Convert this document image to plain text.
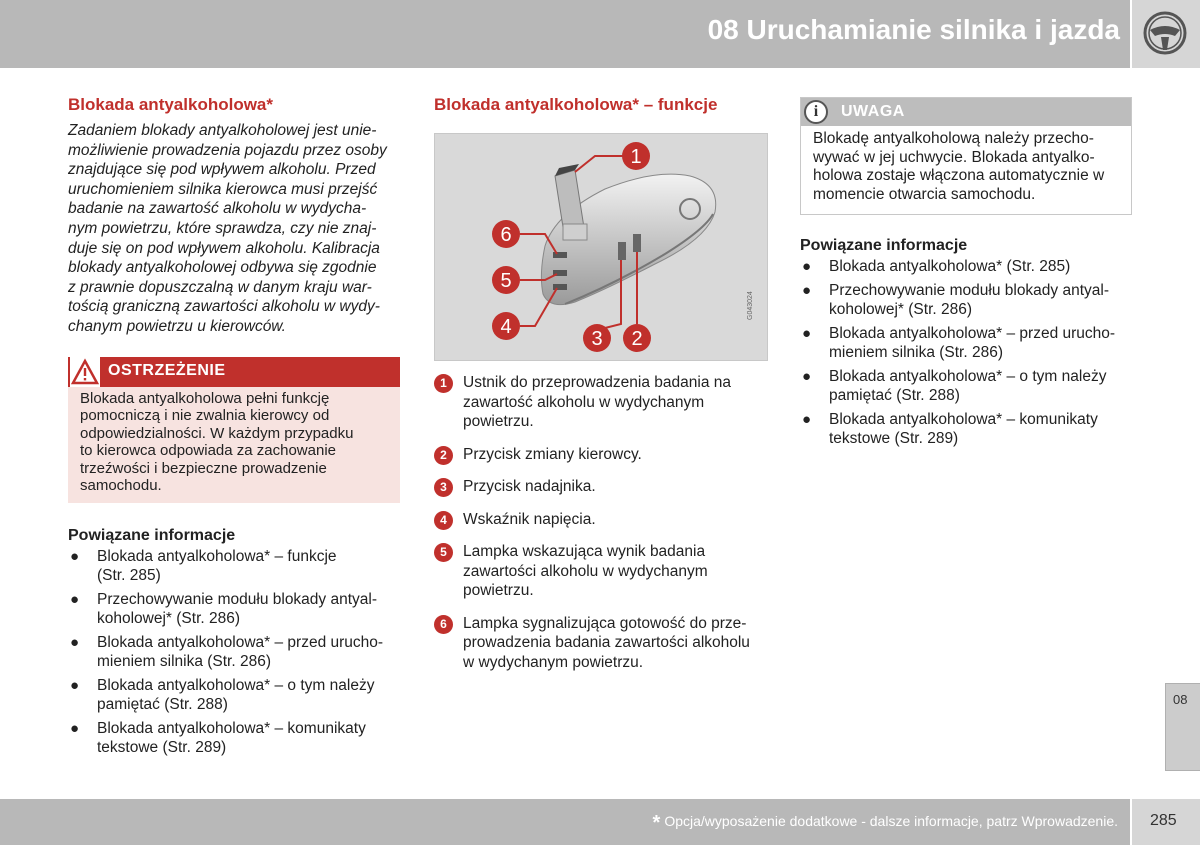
08 Uruchamianie silnika i jazda
Blokada antyalkoholowa*

Zadaniem blokady antyalkoholowej jest unie-
możliwienie prowadzenia pojazdu przez osoby
znajdujące się pod wpływem alkoholu. Przed
uruchomieniem silnika kierowca musi przejść
badanie na zawartość alkoholu w wydycha-
nym powietrzu, które sprawdza, czy nie znaj-
duje się on pod wpływem alkoholu. Kalibracja
blokady antyalkoholowej odbywa się zgodnie
z prawnie dopuszczalną w danym kraju war-
tością graniczną zawartości alkoholu w wydy-
chanym powietrzu u kierowców.

OSTRZEŻENIE
Blokada antyalkoholowa pełni funkcję
pomocniczą i nie zwalnia kierowcy od
odpowiedzialności. W każdym przypadku
to kierowca odpowiada za zachowanie
trzeźwości i bezpieczne prowadzenie
samochodu.
Powiązane informacje
● Blokada antyalkoholowa* – funkcje
(Str. 285)
● Przechowywanie modułu blokady antyal-
koholowej* (Str. 286)
● Blokada antyalkoholowa* – przed urucho-
mieniem silnika (Str. 286)
● Blokada antyalkoholowa* – o tym należy
pamiętać (Str. 288)
● Blokada antyalkoholowa* – komunikaty
tekstowe (Str. 289)
Blokada antyalkoholowa* – funkcje
1
6
5
4
3 2
G043024
1	Ustnik do przeprowadzenia badania na
zawartość alkoholu w wydychanym
powietrzu.
2	Przycisk zmiany kierowcy.
3	Przycisk nadajnika.
4	Wskaźnik napięcia.
5	Lampka wskazująca wynik badania
zawartości alkoholu w wydychanym
powietrzu.
6	Lampka sygnalizująca gotowość do prze-
prowadzenia badania zawartości alkoholu
w wydychanym powietrzu.
i	UWAGA
Blokadę antyalkoholową należy przecho-
wywać w jej uchwycie. Blokada antyalko-
holowa zostaje włączona automatycznie w
momencie otwarcia samochodu.
Powiązane informacje
● Blokada antyalkoholowa* (Str. 285)
● Przechowywanie modułu blokady antyal-
koholowej* (Str. 286)
● Blokada antyalkoholowa* – przed urucho-
mieniem silnika (Str. 286)
● Blokada antyalkoholowa* – o tym należy
pamiętać (Str. 288)
● Blokada antyalkoholowa* – komunikaty
tekstowe (Str. 289)
08
* Opcja/wyposażenie dodatkowe - dalsze informacje, patrz Wprowadzenie. 285
